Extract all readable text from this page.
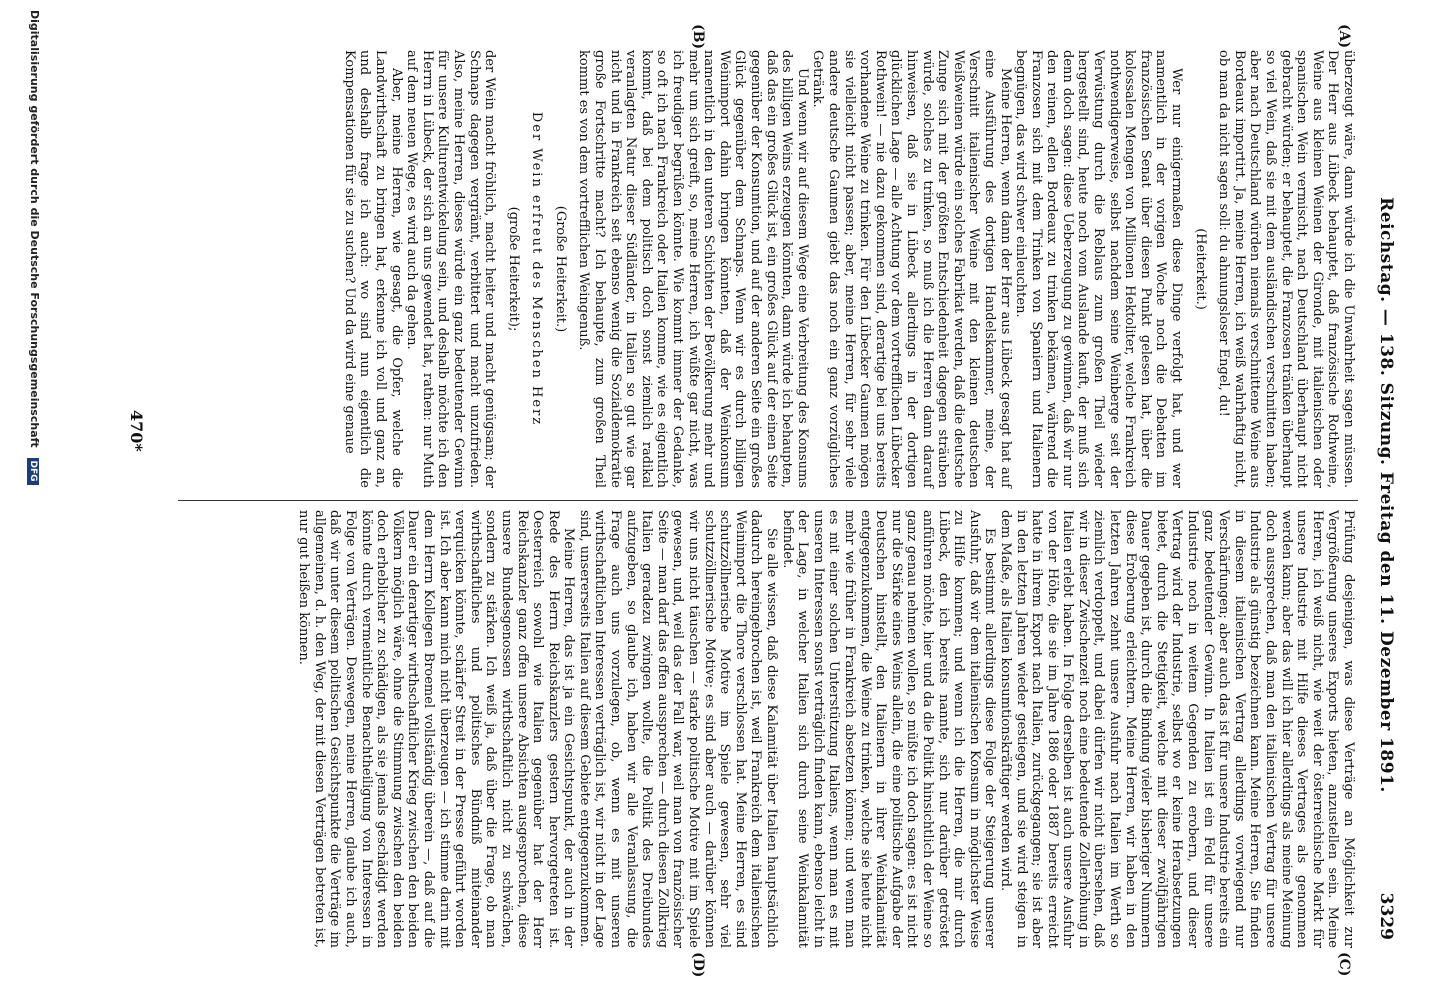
Reichstag. — 138. Sitzung. Freitag den 11. Dezember 1891.
3329
(A)
(B)
(C)
(D)

überzeugt wäre, dann würde ich die Unwahrheit sagen müssen. Der Herr aus Lübeck behauptet, daß französische Rothweine, Weine aus kleinen Weinen der Gironde, mit italienischen oder spanischen Wein vermischt, nach Deutschland überhaupt nicht gebracht würden; er behauptet, die Franzosen tränken überhaupt so viel Wein, daß sie mit dem ausländischen verschnitten haben; aber nach Deutschland würden niemals verschnittene Weine aus Bordeaux importirt. Ja, meine Herren, ich weiß wahrhaftig nicht, ob man da nicht sagen soll: du ahnungsloser Engel, du!

(Heiterkeit.)

Wer nur einigermaßen diese Dinge verfolgt hat, und wer namentlich in der vorigen Woche noch die Debatten im französischen Senat über diesen Punkt gelesen hat, über die kolossalen Mengen von Millionen Hektoliter, welche Frankreich nothwendigerweise, selbst nachdem seine Weinberge seit der Verwüstung durch die Reblaus zum großen Theil wieder hergestellt sind, heute noch vom Auslande kauft, der muß sich denn doch sagen: diese Ueberzeugung zu gewinnen, daß wir nur den reinen, edlen Bordeaux zu trinken bekämen, während die Franzosen sich mit dem Trinken von Spaniern und Italienern begnügen, das wird schwer einleuchten.

Meine Herren, wenn dann der Herr aus Lübeck gesagt hat auf eine Ausführung des dortigen Handelskammer, meine, der Verschnitt italienischer Weine mit den kleinen deutschen Weißweinen würde ein solches Fabrikat werden, daß die deutsche Zunge sich mit der größten Entschiedenheit dagegen sträuben würde, solches zu trinken, so muß ich die Herren dann darauf hinweisen, daß sie in Lübeck allerdings in der dortigen glücklichen Lage — alle Achtung vor dem vortrefflichen Lübecker Rothwein! — nie dazu gekommen sind, derartige bei uns bereits vorhandene Weine zu trinken. Für den Lübecker Gaumen mögen sie vielleicht nicht passen; aber, meine Herren, für sehr viele andere deutsche Gaumen giebt das noch ein ganz vorzügliches Getränk.

Und wenn wir auf diesem Wege eine Verbreitung des Konsums des billigen Weins erzeugen könnten, dann würde ich behaupten, daß das ein großes Glück ist, ein großes Glück auf der einen Seite gegenüber der Konsumtion, und auf der anderen Seite ein großes Glück gegenüber dem Schnaps. Wenn wir es durch billigen Weinimport dahin bringen könnten, daß der Weinkonsum namentlich in den unteren Schichten der Bevölkerung mehr und mehr um sich greift, so, meine Herren, ich wüßte gar nicht, was ich freudiger begrüßen könnte. Wie kommt immer der Gedanke, so oft ich nach Frankreich oder Italien komme, wie es eigentlich kommt, daß bei dem politisch doch sonst ziemlich radikal veranlagten Natur dieser Südländer, in Italien so gut wie gar nicht und in Frankreich seit ebenso wenig die Sozialdemokratie große Fortschritte macht? Ich behaupte, zum großen Theil kommt es von dem vortrefflichen Weingenuß.

(Große Heiterkeit.)
Der Wein erfreut des Menschen Herz
(große Heiterkeit);

der Wein macht fröhlich, macht heiter und macht genügsam; der Schnaps dagegen vergrämt, verbittert und macht unzufrieden. Also, meine Herren, dieses würde ein ganz bedeutender Gewinn für unsere Kulturentwickelung sein, und deshalb möchte ich den Herrn in Lübeck, der sich an uns gewendet hat, rathen: nur Muth auf dem neuen Wege, es wird auch da gehen.

Aber, meine Herren, wie gesagt, die Opfer, welche die Landwirthschaft zu bringen hat, erkenne ich voll und ganz an, und deshalb frage ich auch: wo sind nun eigentlich die Kompensationen für sie zu suchen? Und da wird eine genaue

Prüfung desjenigen, was diese Verträge an Möglichkeit zur Vergrößerung unseres Exports bieten, anzustellen sein. Meine Herren, ich weiß nicht, wie weit der österreichische Markt für unsere Industrie mit Hilfe dieses Vertrages als genommen werden kann; aber das will ich hier allerdings als meine Meinung doch aussprechen, daß man den italienischen Vertrag für unsere Industrie als günstig bezeichnen kann. Meine Herren, Sie finden in diesem italienischen Vertrag allerdings vorwiegend nur Verschärfungen; aber auch das ist für unsere Industrie bereits ein ganz bedeutender Gewinn. In Italien ist ein Feld für unsere Industrie noch in weitem Gegenden zu erobern, und dieser Vertrag wird der Industrie, selbst wo er keine Herabsetzungen bietet, durch die Stetigkeit, welche mit dieser zwölfjährigen Dauer gegeben ist, durch die Bindung vieler bisheriger Nummern diese Eroberung erleichtern. Meine Herren, wir haben in den letzten Jahren zehnt unsere Ausfuhr nach Italien im Werth so ziemlich verdoppelt, und dabei dürfen wir nicht übersehen, daß wir in dieser Zwischenzeit noch eine bedeutende Zollerhöhung in Italien erlebt haben. In Folge derselben ist auch unsere Ausfuhr von der Höhe, die sie im Jahre 1886 oder 1887 bereits erreicht hatte in ihrem Export nach Italien, zurückgegangen; sie ist aber in den letzten Jahren wieder gestiegen, und sie wird steigen in dem Maße, als Italien konsumtionskräftiger werden wird.

Es bestimmt allerdings diese Folge der Steigerung unserer Ausfuhr, daß wir dem italienischen Konsum in möglichster Weise zu Hilfe kommen; und wenn ich die Herren, die mir durch Lübeck, den ich bereits nannte, sich nur darüber getröstet anführen möchte, hier und da die Politik hinsichtlich der Weine so ganz genau nehmen wollen, so müßte ich doch sagen: es ist nicht nur die Stärke eines Weins allein, die eine politische Aufgabe der Deutschen hinstellt, den Italienern in ihrer Weinkalamität entgegenzukommen, die Weine zu trinken, welche sie heute nicht mehr wie früher in Frankreich absetzen können; und wenn man es mit einer solchen Unterstützung Italiens, wenn man es mit unseren Interessen sonst verträglich finden kann, ebenso leicht in der Lage, in welcher Italien sich durch seine Weinkalamität befindet.

Sie alle wissen, daß diese Kalamität über Italien hauptsächlich dadurch hereingebrochen ist, weil Frankreich dem italienischen Weinimport die Thore verschlossen hat. Meine Herren, es sind schutzzöllnerische Motive im Spiele gewesen, sehr viel schutzzöllnerische Motive; es sind aber auch — darüber können wir uns nicht täuschen — starke politische Motive mit im Spiele gewesen, und, weil das der Fall war, weil man von französischer Seite — man darf das offen aussprechen — durch diesen Zollkrieg Italien geradezu zwingen wollte, die Politik des Dreibundes aufzugeben, so glaube ich, haben wir alle Veranlassung, die Frage auch uns vorzulegen, ob, wenn es mit unseren wirthschaftlichen Interessen verträglich ist, wir nicht in der Lage sind, unsererseits Italien auf diesem Gebiete entgegenzukommen.

Meine Herren, das ist ja ein Gesichtspunkt, der auch in der Rede des Herrn Reichskanzlers gestern hervorgetreten ist. Oesterreich sowohl wie Italien gegenüber hat der Herr Reichskanzler ganz offen unsere Absichten ausgesprochen, diese unsere Bundesgenossen wirthschaftlich nicht zu schwächen, sondern zu stärken. Ich weiß ja, daß über die Frage, ob man wirthschaftliches und politisches Bündniß miteinander verquicken könnte, schärfer Streit in der Presse geführt worden ist. Ich aber kann mich nicht überzeugen — ich stimme darin mit dem Herrn Kollegen Broemel vollständig überein —, daß auf die Dauer ein derartiger wirthschaftlicher Krieg zwischen den beiden Völkern möglich wäre, ohne die Stimmung zwischen den beiden doch erheblicher zu schädigen, als sie jemals geschädigt werden könnte durch vermeintliche Benachtheiligung von Interessen in Folge von Verträgen. Deswegen, meine Herren, glaube ich auch, daß wir unter diesem politischen Gesichtspunkte die Verträge im allgemeinen, d. h. den Weg, der mit diesen Verträgen betreten ist, nur gut heißen können.

470*
Digitalisierung gefördert durch die Deutsche Forschungsgemeinschaft DFG
